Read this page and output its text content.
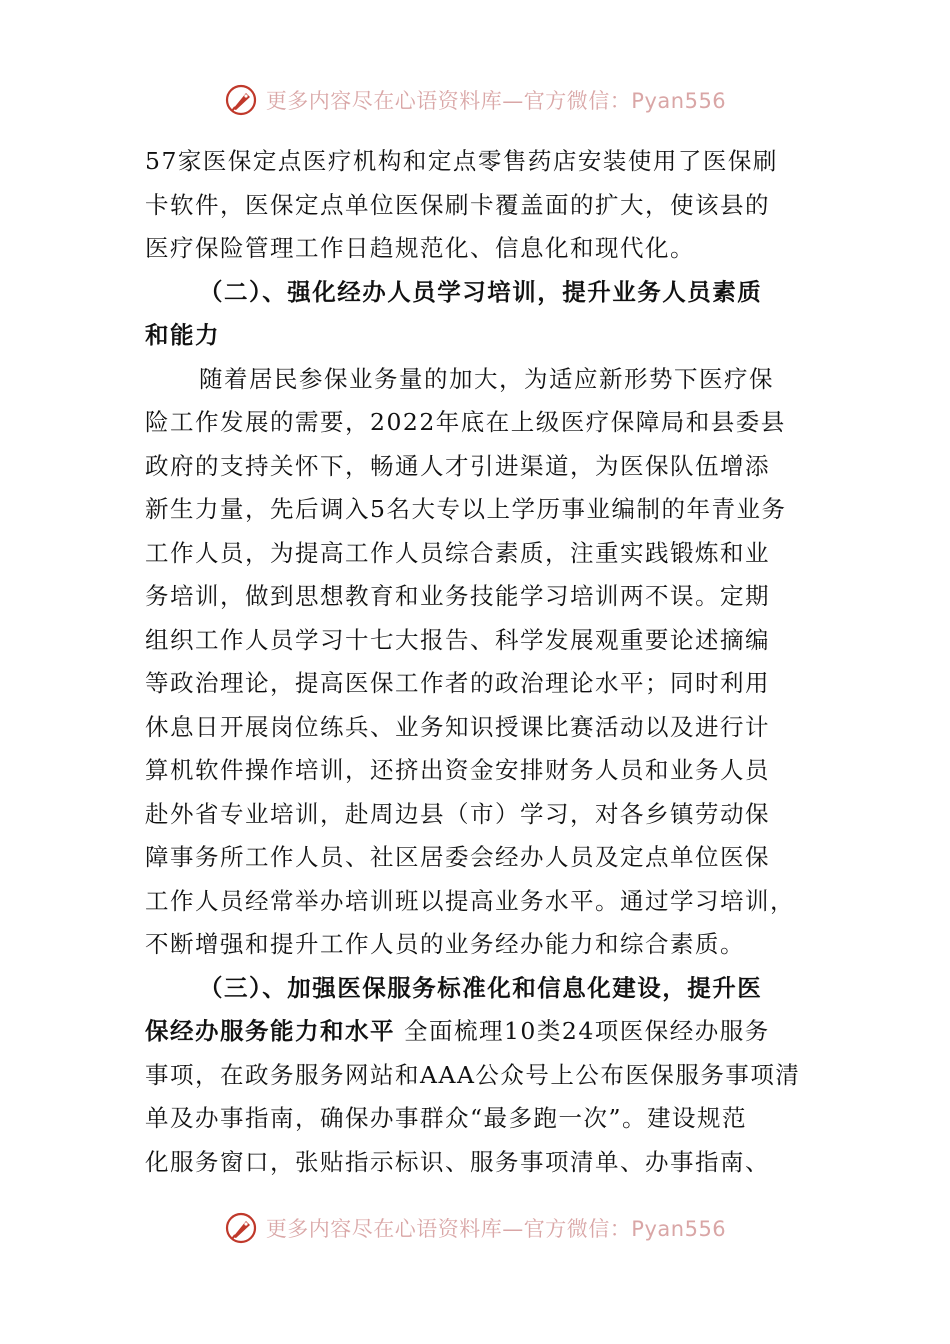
更多内容尽在心语资料库—官方微信：Pyan556
57家医保定点医疗机构和定点零售药店安装使用了医保刷
卡软件，医保定点单位医保刷卡覆盖面的扩大，使该县的
医疗保险管理工作日趋规范化、信息化和现代化。
（二）、强化经办人员学习培训，提升业务人员素质
和能力
随着居民参保业务量的加大，为适应新形势下医疗保
险工作发展的需要，2022年底在上级医疗保障局和县委县
政府的支持关怀下，畅通人才引进渠道，为医保队伍增添
新生力量，先后调入5名大专以上学历事业编制的年青业务
工作人员，为提高工作人员综合素质，注重实践锻炼和业
务培训，做到思想教育和业务技能学习培训两不误。定期
组织工作人员学习十七大报告、科学发展观重要论述摘编
等政治理论，提高医保工作者的政治理论水平；同时利用
休息日开展岗位练兵、业务知识授课比赛活动以及进行计
算机软件操作培训，还挤出资金安排财务人员和业务人员
赴外省专业培训，赴周边县（市）学习，对各乡镇劳动保
障事务所工作人员、社区居委会经办人员及定点单位医保
工作人员经常举办培训班以提高业务水平。通过学习培训，
不断增强和提升工作人员的业务经办能力和综合素质。
（三）、加强医保服务标准化和信息化建设，提升医
保经办服务能力和水平 全面梳理10类24项医保经办服务
事项，在政务服务网站和AAA公众号上公布医保服务事项清
单及办事指南，确保办事群众“最多跑一次”。建设规范
化服务窗口，张贴指示标识、服务事项清单、办事指南、
更多内容尽在心语资料库—官方微信：Pyan556
